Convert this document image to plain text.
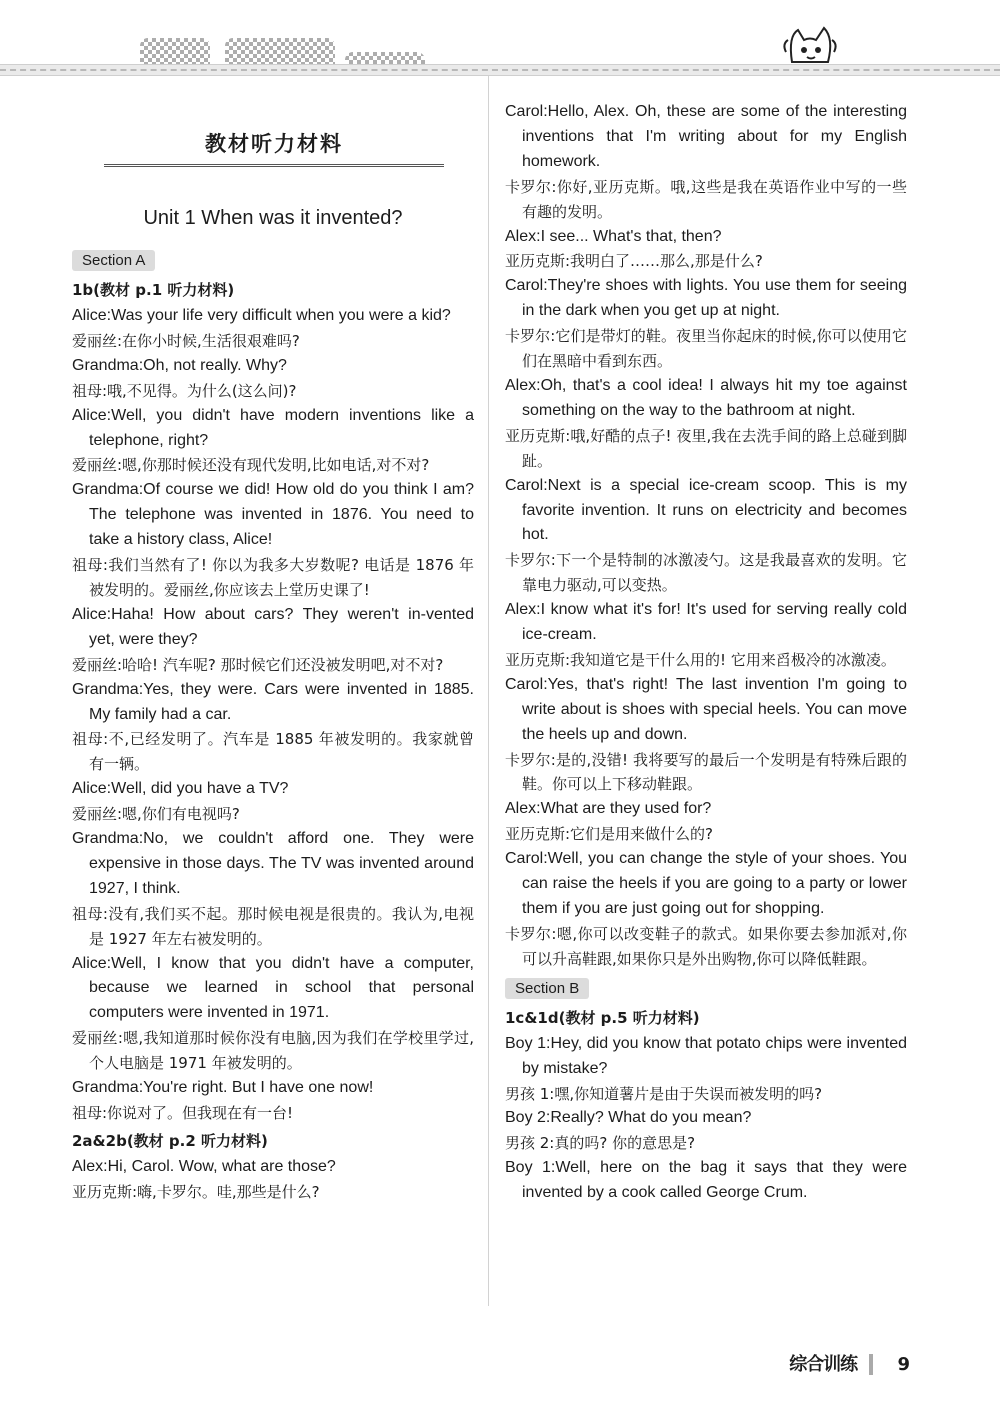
教材听力材料
Unit 1 When was it invented?
Section A
1b(教材 p.1 听力材料)

Alice:Was your life very difficult when you were a kid?

爱丽丝:在你小时候,生活很艰难吗?

Grandma:Oh, not really. Why?

祖母:哦,不见得。为什么(这么问)?

Alice:Well, you didn't have modern inventions like a telephone, right?

爱丽丝:嗯,你那时候还没有现代发明,比如电话,对不对?

Grandma:Of course we did! How old do you think I am? The telephone was invented in 1876. You need to take a history class, Alice!

祖母:我们当然有了! 你以为我多大岁数呢? 电话是 1876 年被发明的。爱丽丝,你应该去上堂历史课了!

Alice:Haha! How about cars? They weren't in-vented yet, were they?

爱丽丝:哈哈! 汽车呢? 那时候它们还没被发明吧,对不对?

Grandma:Yes, they were. Cars were invented in 1885. My family had a car.

祖母:不,已经发明了。汽车是 1885 年被发明的。我家就曾有一辆。

Alice:Well, did you have a TV?

爱丽丝:嗯,你们有电视吗?

Grandma:No, we couldn't afford one. They were expensive in those days. The TV was invented around 1927, I think.

祖母:没有,我们买不起。那时候电视是很贵的。我认为,电视是 1927 年左右被发明的。

Alice:Well, I know that you didn't have a computer, because we learned in school that personal computers were invented in 1971.

爱丽丝:嗯,我知道那时候你没有电脑,因为我们在学校里学过,个人电脑是 1971 年被发明的。

Grandma:You're right. But I have one now!

祖母:你说对了。但我现在有一台!

2a&2b(教材 p.2 听力材料)

Alex:Hi, Carol. Wow, what are those?

亚历克斯:嗨,卡罗尔。哇,那些是什么?

Carol:Hello, Alex. Oh, these are some of the interesting inventions that I'm writing about for my English homework.

卡罗尔:你好,亚历克斯。哦,这些是我在英语作业中写的一些有趣的发明。

Alex:I see... What's that, then?

亚历克斯:我明白了……那么,那是什么?

Carol:They're shoes with lights. You use them for seeing in the dark when you get up at night.

卡罗尔:它们是带灯的鞋。夜里当你起床的时候,你可以使用它们在黑暗中看到东西。

Alex:Oh, that's a cool idea! I always hit my toe against something on the way to the bathroom at night.

亚历克斯:哦,好酷的点子! 夜里,我在去洗手间的路上总碰到脚趾。

Carol:Next is a special ice-cream scoop. This is my favorite invention. It runs on electricity and becomes hot.

卡罗尔:下一个是特制的冰激凌勺。这是我最喜欢的发明。它靠电力驱动,可以变热。

Alex:I know what it's for! It's used for serving really cold ice-cream.

亚历克斯:我知道它是干什么用的! 它用来舀极冷的冰激凌。

Carol:Yes, that's right! The last invention I'm going to write about is shoes with special heels. You can move the heels up and down.

卡罗尔:是的,没错! 我将要写的最后一个发明是有特殊后跟的鞋。你可以上下移动鞋跟。

Alex:What are they used for?

亚历克斯:它们是用来做什么的?

Carol:Well, you can change the style of your shoes. You can raise the heels if you are going to a party or lower them if you are just going out for shopping.

卡罗尔:嗯,你可以改变鞋子的款式。如果你要去参加派对,你可以升高鞋跟,如果你只是外出购物,你可以降低鞋跟。

Section B
1c&1d(教材 p.5 听力材料)

Boy 1:Hey, did you know that potato chips were invented by mistake?

男孩 1:嘿,你知道薯片是由于失误而被发明的吗?

Boy 2:Really? What do you mean?

男孩 2:真的吗? 你的意思是?

Boy 1:Well, here on the bag it says that they were invented by a cook called George Crum.

综合训练 9
